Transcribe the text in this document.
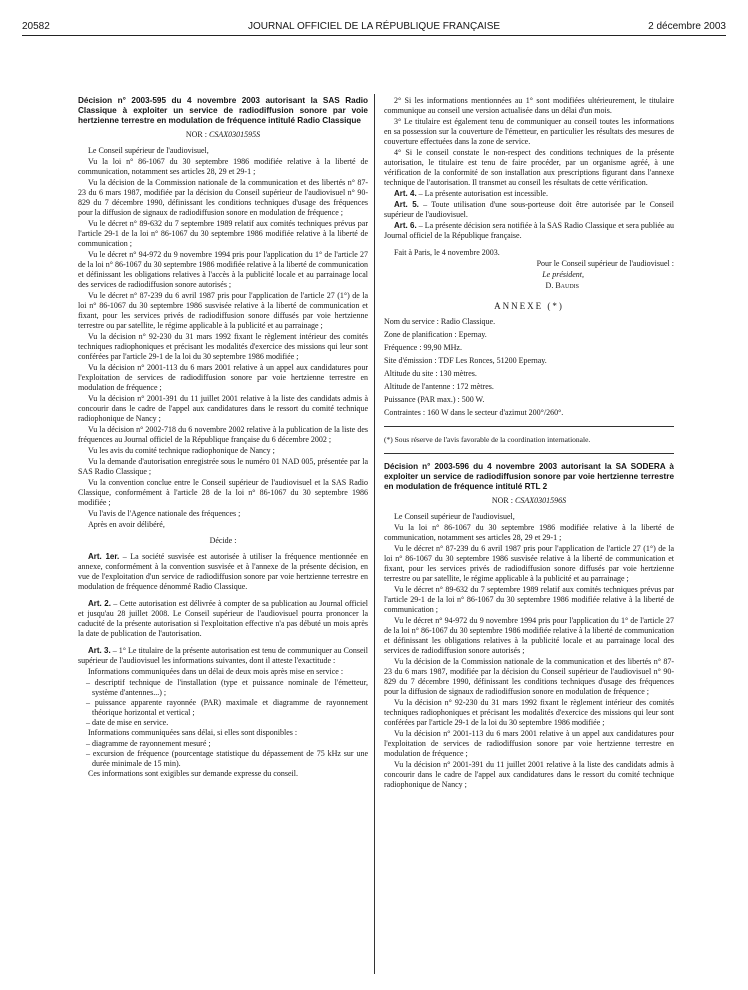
20582	JOURNAL OFFICIEL DE LA RÉPUBLIQUE FRANÇAISE	2 décembre 2003
Décision n° 2003-595 du 4 novembre 2003 autorisant la SAS Radio Classique à exploiter un service de radiodiffusion sonore par voie hertzienne terrestre en modulation de fréquence intitulé Radio Classique
NOR : CSAX0301595S

Le Conseil supérieur de l'audiovisuel,

Vu la loi n° 86-1067 du 30 septembre 1986 modifiée relative à la liberté de communication, notamment ses articles 28, 29 et 29-1 ;

Vu la décision de la Commission nationale de la communication et des libertés n° 87-23 du 6 mars 1987, modifiée par la décision du Conseil supérieur de l'audiovisuel n° 90-829 du 7 décembre 1990, définissant les conditions techniques d'usage des fréquences pour la diffusion de signaux de radiodiffusion sonore en modulation de fréquence ;

Vu le décret n° 89-632 du 7 septembre 1989 relatif aux comités techniques prévus par l'article 29-1 de la loi n° 86-1067 du 30 septembre 1986 modifiée relative à la liberté de communication ;

Vu le décret n° 94-972 du 9 novembre 1994 pris pour l'application du 1° de l'article 27 de la loi n° 86-1067 du 30 septembre 1986 modifiée relative à la liberté de communication et définissant les obligations relatives à l'accès à la publicité locale et au parrainage local des services de radiodiffusion sonore autorisés ;

Vu le décret n° 87-239 du 6 avril 1987 pris pour l'application de l'article 27 (1°) de la loi n° 86-1067 du 30 septembre 1986 susvisée relative à la liberté de communication et fixant, pour les services privés de radiodiffusion sonore diffusés par voie hertzienne terrestre ou par satellite, le régime applicable à la publicité et au parrainage ;

Vu la décision n° 92-230 du 31 mars 1992 fixant le règlement intérieur des comités techniques radiophoniques et précisant les modalités d'exercice des missions qui leur sont conférées par l'article 29-1 de la loi du 30 septembre 1986 modifiée ;

Vu la décision n° 2001-113 du 6 mars 2001 relative à un appel aux candidatures pour l'exploitation de services de radiodiffusion sonore par voie hertzienne terrestre en modulation de fréquence ;

Vu la décision n° 2001-391 du 11 juillet 2001 relative à la liste des candidats admis à concourir dans le cadre de l'appel aux candidatures dans le ressort du comité technique radiophonique de Nancy ;

Vu la décision n° 2002-718 du 6 novembre 2002 relative à la publication de la liste des fréquences au Journal officiel de la République française du 6 décembre 2002 ;

Vu les avis du comité technique radiophonique de Nancy ;

Vu la demande d'autorisation enregistrée sous le numéro 01 NAD 005, présentée par la SAS Radio Classique ;

Vu la convention conclue entre le Conseil supérieur de l'audiovisuel et la SAS Radio Classique, conformément à l'article 28 de la loi n° 86-1067 du 30 septembre 1986 modifiée ;

Vu l'avis de l'Agence nationale des fréquences ;

Après en avoir délibéré,

Décide :

Art. 1er. – La société susvisée est autorisée à utiliser la fréquence mentionnée en annexe, conformément à la convention susvisée et à l'annexe de la présente décision, en vue de l'exploitation d'un service de radiodiffusion sonore par voie hertzienne terrestre en modulation de fréquence dénommé Radio Classique.

Art. 2. – Cette autorisation est délivrée à compter de sa publication au Journal officiel et jusqu'au 28 juillet 2008. Le Conseil supérieur de l'audiovisuel pourra prononcer la caducité de la présente autorisation si l'exploitation effective n'a pas débuté un mois après la date de publication de l'autorisation.

Art. 3. – 1° Le titulaire de la présente autorisation est tenu de communiquer au Conseil supérieur de l'audiovisuel les informations suivantes, dont il atteste l'exactitude :

Informations communiquées dans un délai de deux mois après mise en service :

– descriptif technique de l'installation (type et puissance nominale de l'émetteur, système d'antennes...) ;
– puissance apparente rayonnée (PAR) maximale et diagramme de rayonnement théorique horizontal et vertical ;
– date de mise en service.

Informations communiquées sans délai, si elles sont disponibles :

– diagramme de rayonnement mesuré ;
– excursion de fréquence (pourcentage statistique du dépassement de 75 kHz sur une durée minimale de 15 min).

Ces informations sont exigibles sur demande expresse du conseil.

2° Si les informations mentionnées au 1° sont modifiées ultérieurement, le titulaire communique au conseil une version actualisée dans un délai d'un mois.

3° Le titulaire est également tenu de communiquer au conseil toutes les informations en sa possession sur la couverture de l'émetteur, en particulier les résultats des mesures de couverture effectuées dans la zone de service.

4° Si le conseil constate le non-respect des conditions techniques de la présente autorisation, le titulaire est tenu de faire procéder, par un organisme agréé, à une vérification de la conformité de son installation aux prescriptions figurant dans l'annexe technique de l'autorisation. Il transmet au conseil les résultats de cette vérification.

Art. 4. – La présente autorisation est incessible.

Art. 5. – Toute utilisation d'une sous-porteuse doit être autorisée par le Conseil supérieur de l'audiovisuel.

Art. 6. – La présente décision sera notifiée à la SAS Radio Classique et sera publiée au Journal officiel de la République française.

Fait à Paris, le 4 novembre 2003.

Pour le Conseil supérieur de l'audiovisuel :

Le président,

D. Baudis

ANNEXE (*)

Nom du service : Radio Classique.

Zone de planification : Epernay.

Fréquence : 99,90 MHz.

Site d'émission : TDF Les Ronces, 51200 Epernay.

Altitude du site : 130 mètres.

Altitude de l'antenne : 172 mètres.

Puissance (PAR max.) : 500 W.

Contraintes : 160 W dans le secteur d'azimut 200°/260°.

(*) Sous réserve de l'avis favorable de la coordination internationale.

Décision n° 2003-596 du 4 novembre 2003 autorisant la SA SODERA à exploiter un service de radiodiffusion sonore par voie hertzienne terrestre en modulation de fréquence intitulé RTL 2
NOR : CSAX0301596S

Le Conseil supérieur de l'audiovisuel,

Vu la loi n° 86-1067 du 30 septembre 1986 modifiée relative à la liberté de communication, notamment ses articles 28, 29 et 29-1 ;

Vu le décret n° 87-239 du 6 avril 1987 pris pour l'application de l'article 27 (1°) de la loi n° 86-1067 du 30 septembre 1986 susvisée relative à la liberté de communication et fixant, pour les services privés de radiodiffusion sonore diffusés par voie hertzienne terrestre ou par satellite, le régime applicable à la publicité et au parrainage ;

Vu le décret n° 89-632 du 7 septembre 1989 relatif aux comités techniques prévus par l'article 29-1 de la loi n° 86-1067 du 30 septembre 1986 modifiée relative à la liberté de communication ;

Vu le décret n° 94-972 du 9 novembre 1994 pris pour l'application du 1° de l'article 27 de la loi n° 86-1067 du 30 septembre 1986 modifiée relative à la liberté de communication et définissant les obligations relatives à la publicité locale et au parrainage local des services de radiodiffusion sonore autorisés ;

Vu la décision de la Commission nationale de la communication et des libertés n° 87-23 du 6 mars 1987, modifiée par la décision du Conseil supérieur de l'audiovisuel n° 90-829 du 7 décembre 1990, définissant les conditions techniques d'usage des fréquences pour la diffusion de signaux de radiodiffusion sonore en modulation de fréquence ;

Vu la décision n° 92-230 du 31 mars 1992 fixant le règlement intérieur des comités techniques radiophoniques et précisant les modalités d'exercice des missions qui leur sont conférées par l'article 29-1 de la loi du 30 septembre 1986 modifiée ;

Vu la décision n° 2001-113 du 6 mars 2001 relative à un appel aux candidatures pour l'exploitation de services de radiodiffusion sonore par voie hertzienne terrestre en modulation de fréquence ;

Vu la décision n° 2001-391 du 11 juillet 2001 relative à la liste des candidats admis à concourir dans le cadre de l'appel aux candidatures dans le ressort du comité technique radiophonique de Nancy ;
